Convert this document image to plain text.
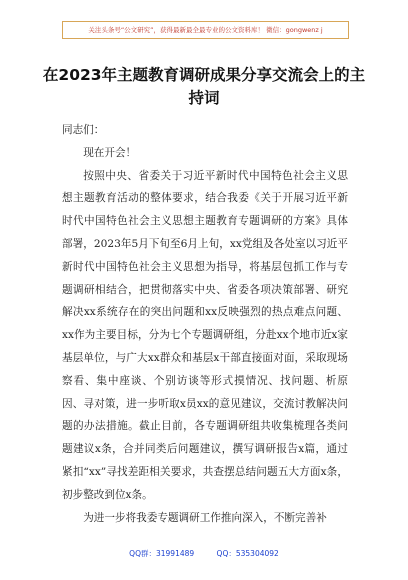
关注头条号“公文研究”，获得最新最全最专业的公文资料库！ 微信：gongwenz j
在2023年主题教育调研成果分享交流会上的主持词

同志们：

现在开会！

按照中央、省委关于习近平新时代中国特色社会主义思想主题教育活动的整体要求，结合我委《关于开展习近平新时代中国特色社会主义思想主题教育专题调研的方案》具体部署，2023年5月下旬至6月上旬，xx党组及各处室以习近平新时代中国特色社会主义思想为指导，将基层包抓工作与专题调研相结合，把贯彻落实中央、省委各项决策部署、研究解决xx系统存在的突出问题和xx反映强烈的热点难点问题、xx作为主要目标，分为七个专题调研组，分赴xx个地市近x家基层单位，与广大xx群众和基层x干部直接面对面，采取现场察看、集中座谈、个别访谈等形式摸情况、找问题、析原因、寻对策，进一步听取x员xx的意见建议，交流讨教解决问题的办法措施。截止目前，各专题调研组共收集梳理各类问题建议x条，合并同类后问题建议，撰写调研报告x篇，通过紧扣“xx”寻找差距相关要求，共查摆总结问题五大方面x条，初步整改到位x条。

为进一步将我委专题调研工作推向深入，不断完善补

QQ群：31991489	QQ：535304092
